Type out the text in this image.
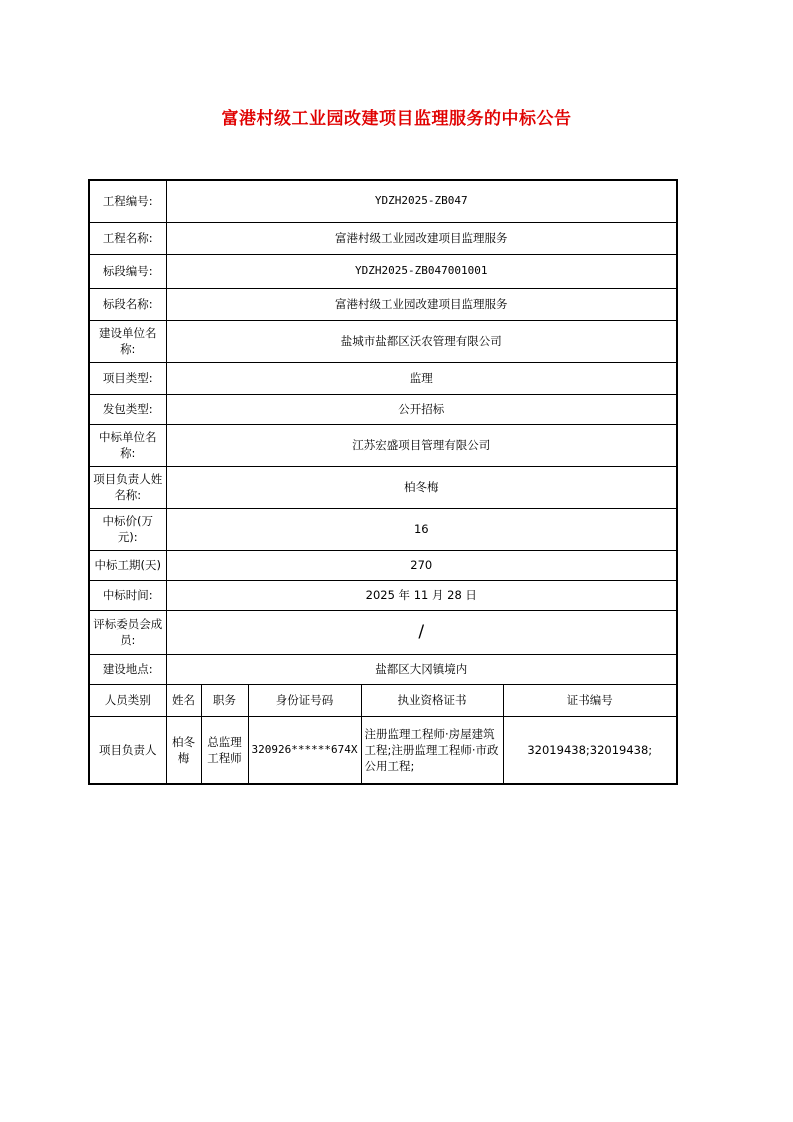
富港村级工业园改建项目监理服务的中标公告
工程编号:	YDZH2025-ZB047				
工程名称:	富港村级工业园改建项目监理服务				
标段编号:	YDZH2025-ZB047001001				
标段名称:	富港村级工业园改建项目监理服务				
建设单位名称:	盐城市盐都区沃农管理有限公司				
项目类型:	监理				
发包类型:	公开招标				
中标单位名称:	江苏宏盛项目管理有限公司				
项目负责人姓名称:	柏冬梅				
中标价(万元):	16				
中标工期(天)	270				
中标时间:	2025 年 11 月 28 日				
评标委员会成员:	/				
建设地点:	盐都区大冈镇境内				
人员类别	姓名	职务	身份证号码	执业资格证书	证书编号
项目负责人	柏冬梅	总监理工程师	320926******674X	注册监理工程师·房屋建筑工程;注册监理工程师·市政公用工程;	32019438;32019438;
